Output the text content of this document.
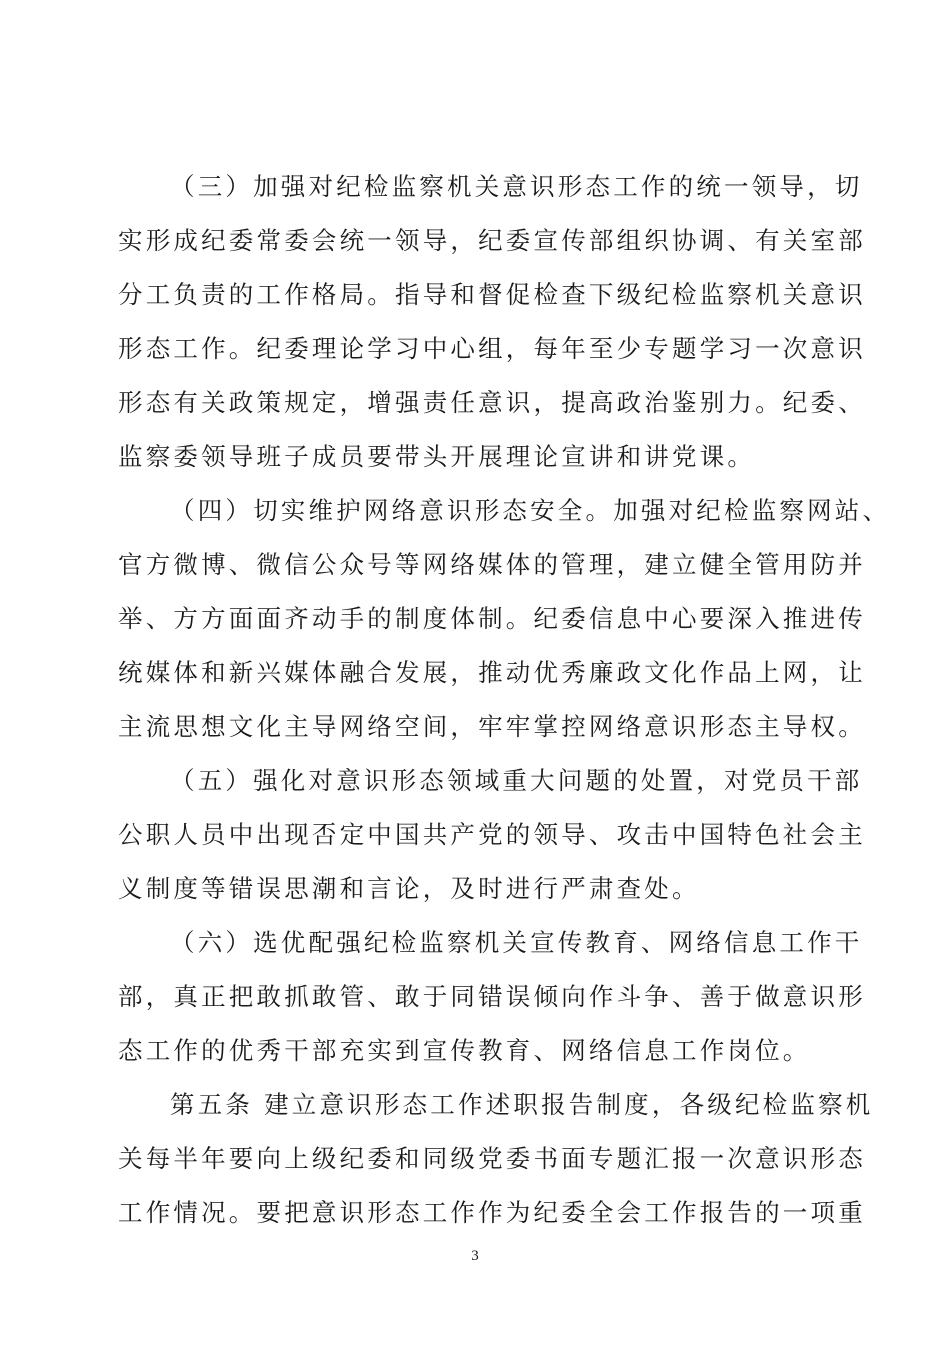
（三）加强对纪检监察机关意识形态工作的统一领导，切
实形成纪委常委会统一领导，纪委宣传部组织协调、有关室部
分工负责的工作格局。指导和督促检查下级纪检监察机关意识
形态工作。纪委理论学习中心组，每年至少专题学习一次意识
形态有关政策规定，增强责任意识，提高政治鉴别力。纪委、
监察委领导班子成员要带头开展理论宣讲和讲党课。
（四）切实维护网络意识形态安全。加强对纪检监察网站、
官方微博、微信公众号等网络媒体的管理，建立健全管用防并
举、方方面面齐动手的制度体制。纪委信息中心要深入推进传
统媒体和新兴媒体融合发展，推动优秀廉政文化作品上网，让
主流思想文化主导网络空间，牢牢掌控网络意识形态主导权。
（五）强化对意识形态领域重大问题的处置，对党员干部
公职人员中出现否定中国共产党的领导、攻击中国特色社会主
义制度等错误思潮和言论，及时进行严肃查处。
（六）选优配强纪检监察机关宣传教育、网络信息工作干
部，真正把敢抓敢管、敢于同错误倾向作斗争、善于做意识形
态工作的优秀干部充实到宣传教育、网络信息工作岗位。
第五条 建立意识形态工作述职报告制度，各级纪检监察机
关每半年要向上级纪委和同级党委书面专题汇报一次意识形态
工作情况。要把意识形态工作作为纪委全会工作报告的一项重
3
